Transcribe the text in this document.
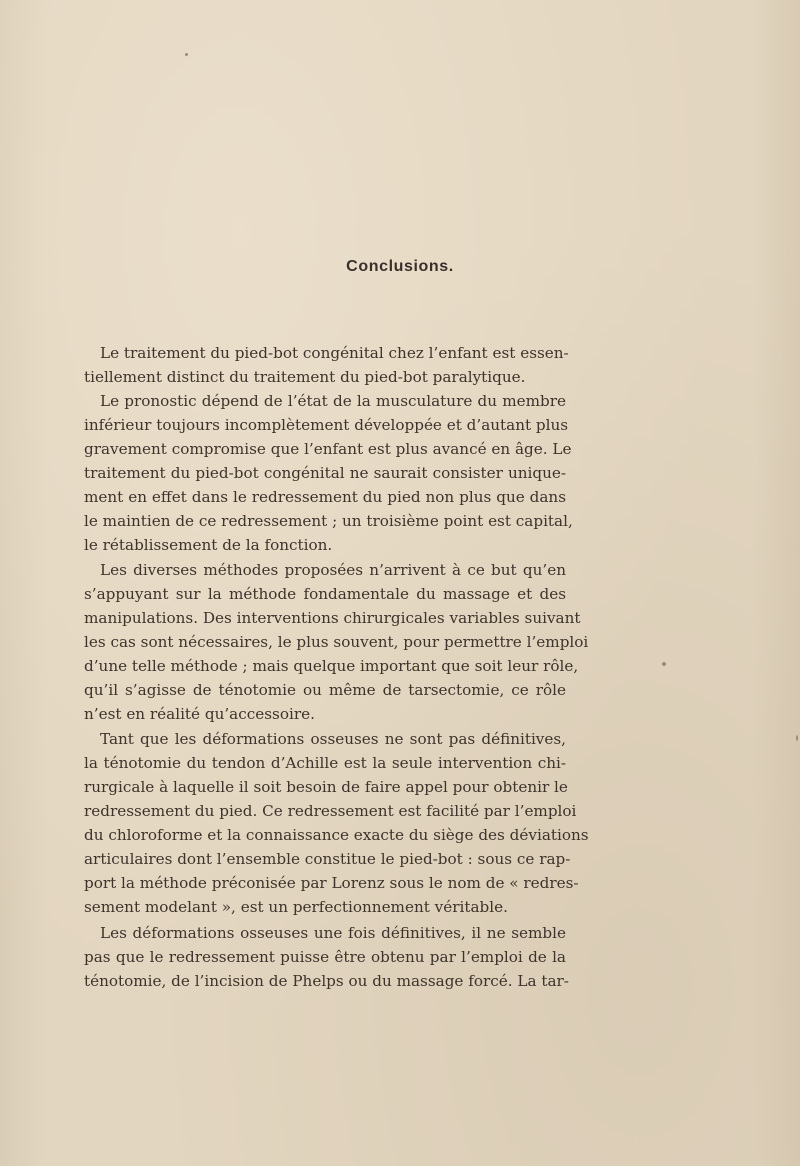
Conclusions.
Le traitement du pied-bot congénital chez l’enfant est essen-
tiellement distinct du traitement du pied-bot paralytique.
Le pronostic dépend de l’état de la musculature du membre
inférieur toujours incomplètement développée et d’autant plus
gravement compromise que l’enfant est plus avancé en âge. Le
traitement du pied-bot congénital ne saurait consister unique-
ment en effet dans le redressement du pied non plus que dans
le maintien de ce redressement ; un troisième point est capital,
le rétablissement de la fonction.
Les diverses méthodes proposées n’arrivent à ce but qu’en
s’appuyant sur la méthode fondamentale du massage et des
manipulations. Des interventions chirurgicales variables suivant
les cas sont nécessaires, le plus souvent, pour permettre l’emploi
d’une telle méthode ; mais quelque important que soit leur rôle,
qu’il s’agisse de ténotomie ou même de tarsectomie, ce rôle
n’est en réalité qu’accessoire.
Tant que les déformations osseuses ne sont pas définitives,
la ténotomie du tendon d’Achille est la seule intervention chi-
rurgicale à laquelle il soit besoin de faire appel pour obtenir le
redressement du pied. Ce redressement est facilité par l’emploi
du chloroforme et la connaissance exacte du siège des déviations
articulaires dont l’ensemble constitue le pied-bot : sous ce rap-
port la méthode préconisée par Lorenz sous le nom de « redres-
sement modelant », est un perfectionnement véritable.
Les déformations osseuses une fois définitives, il ne semble
pas que le redressement puisse être obtenu par l’emploi de la
ténotomie, de l’incision de Phelps ou du massage forcé. La tar-
